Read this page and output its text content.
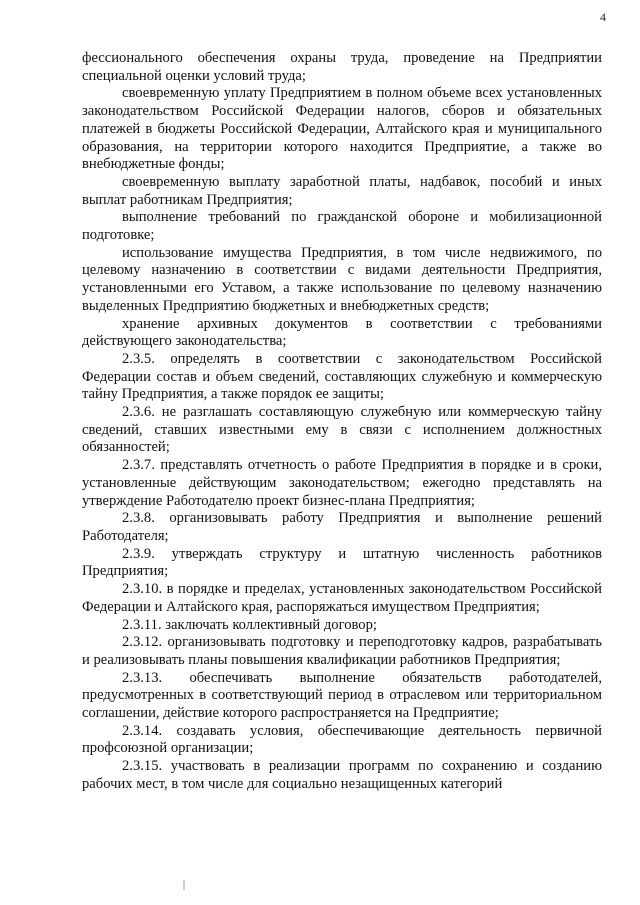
4

фессионального обеспечения охраны труда, проведение на Предприятии специальной оценки условий труда;

своевременную уплату Предприятием в полном объеме всех установленных законодательством Российской Федерации налогов, сборов и обязательных платежей в бюджеты Российской Федерации, Алтайского края и муниципального образования, на территории которого находится Предприятие, а также во внебюджетные фонды;

своевременную выплату заработной платы, надбавок, пособий и иных выплат работникам Предприятия;

выполнение требований по гражданской обороне и мобилизационной подготовке;

использование имущества Предприятия, в том числе недвижимого, по целевому назначению в соответствии с видами деятельности Предприятия, установленными его Уставом, а также использование по целевому назначению выделенных Предприятию бюджетных и внебюджетных средств;

хранение архивных документов в соответствии с требованиями действующего законодательства;

2.3.5. определять в соответствии с законодательством Российской Федерации состав и объем сведений, составляющих служебную и коммерческую тайну Предприятия, а также порядок ее защиты;

2.3.6. не разглашать составляющую служебную или коммерческую тайну сведений, ставших известными ему в связи с исполнением должностных обязанностей;

2.3.7. представлять отчетность о работе Предприятия в порядке и в сроки, установленные действующим законодательством; ежегодно представлять на утверждение Работодателю проект бизнес-плана Предприятия;

2.3.8. организовывать работу Предприятия и выполнение решений Работодателя;

2.3.9. утверждать структуру и штатную численность работников Предприятия;

2.3.10. в порядке и пределах, установленных законодательством Российской Федерации и Алтайского края, распоряжаться имуществом Предприятия;

2.3.11. заключать коллективный договор;

2.3.12. организовывать подготовку и переподготовку кадров, разрабатывать и реализовывать планы повышения квалификации работников Предприятия;

2.3.13. обеспечивать выполнение обязательств работодателей, предусмотренных в соответствующий период в отраслевом или территориальном соглашении, действие которого распространяется на Предприятие;

2.3.14. создавать условия, обеспечивающие деятельность первичной профсоюзной организации;

2.3.15. участвовать в реализации программ по сохранению и созданию рабочих мест, в том числе для социально незащищенных категорий
